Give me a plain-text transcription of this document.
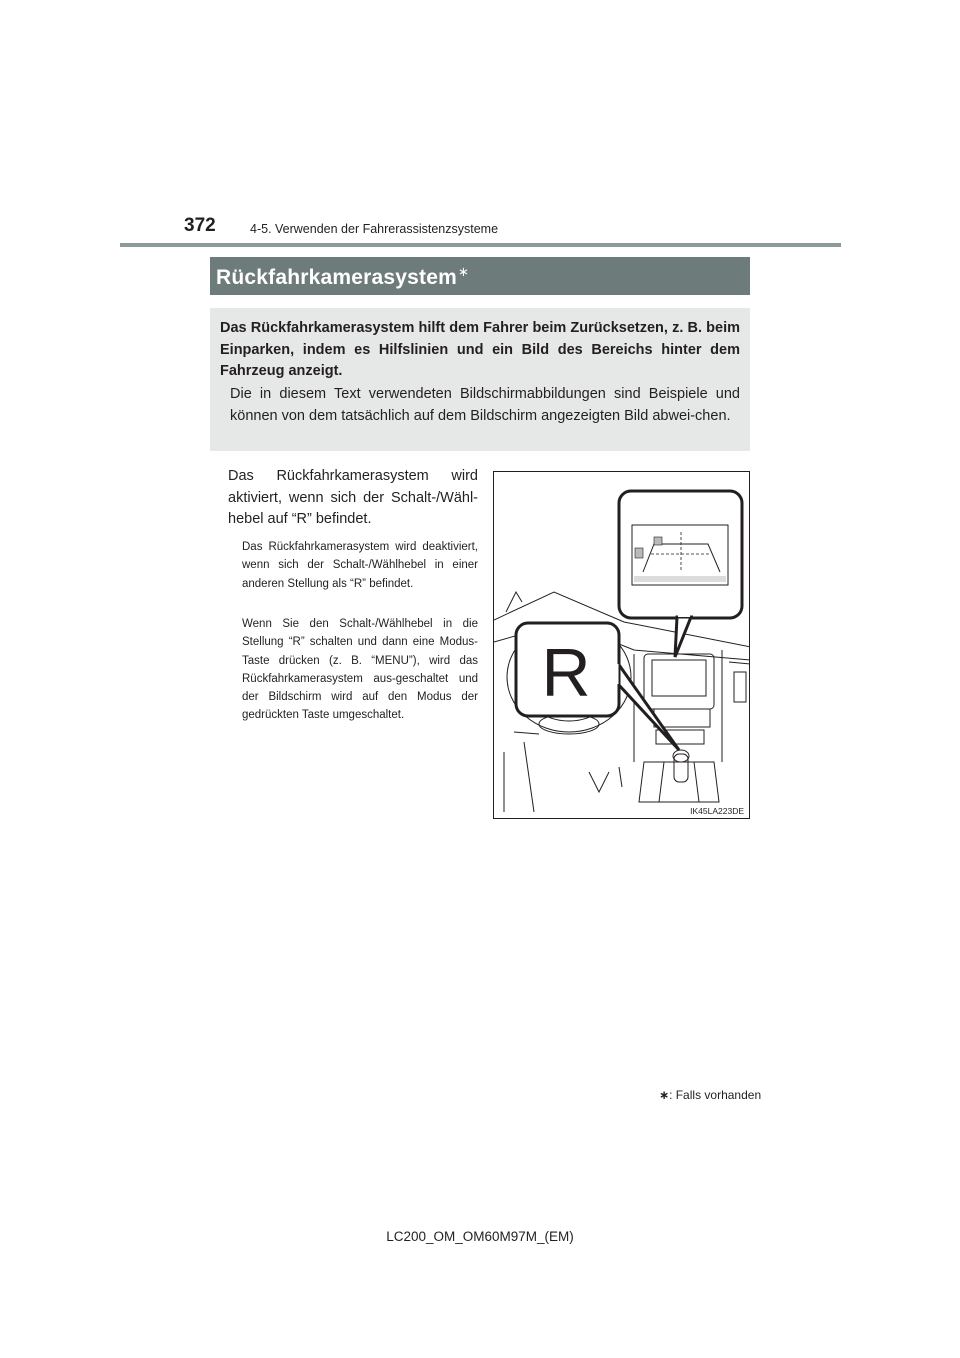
372	4-5. Verwenden der Fahrerassistenzsysteme
Rückfahrkamerasystem∗
Das Rückfahrkamerasystem hilft dem Fahrer beim Zurücksetzen, z. B. beim Einparken, indem es Hilfslinien und ein Bild des Bereichs hinter dem Fahrzeug anzeigt.
Die in diesem Text verwendeten Bildschirmabbildungen sind Beispiele und können von dem tatsächlich auf dem Bildschirm angezeigten Bild abwei-chen.
Das Rückfahrkamerasystem wird aktiviert, wenn sich der Schalt-/Wähl-hebel auf “R” befindet.
Das Rückfahrkamerasystem wird deaktiviert, wenn sich der Schalt-/Wählhebel in einer anderen Stellung als “R” befindet.
Wenn Sie den Schalt-/Wählhebel in die Stellung “R” schalten und dann eine Modus-Taste drücken (z. B. “MENU”), wird das Rückfahrkamerasystem aus-geschaltet und der Bildschirm wird auf den Modus der gedrückten Taste umgeschaltet.
R
IK45LA223DE
∗: Falls vorhanden
LC200_OM_OM60M97M_(EM)
